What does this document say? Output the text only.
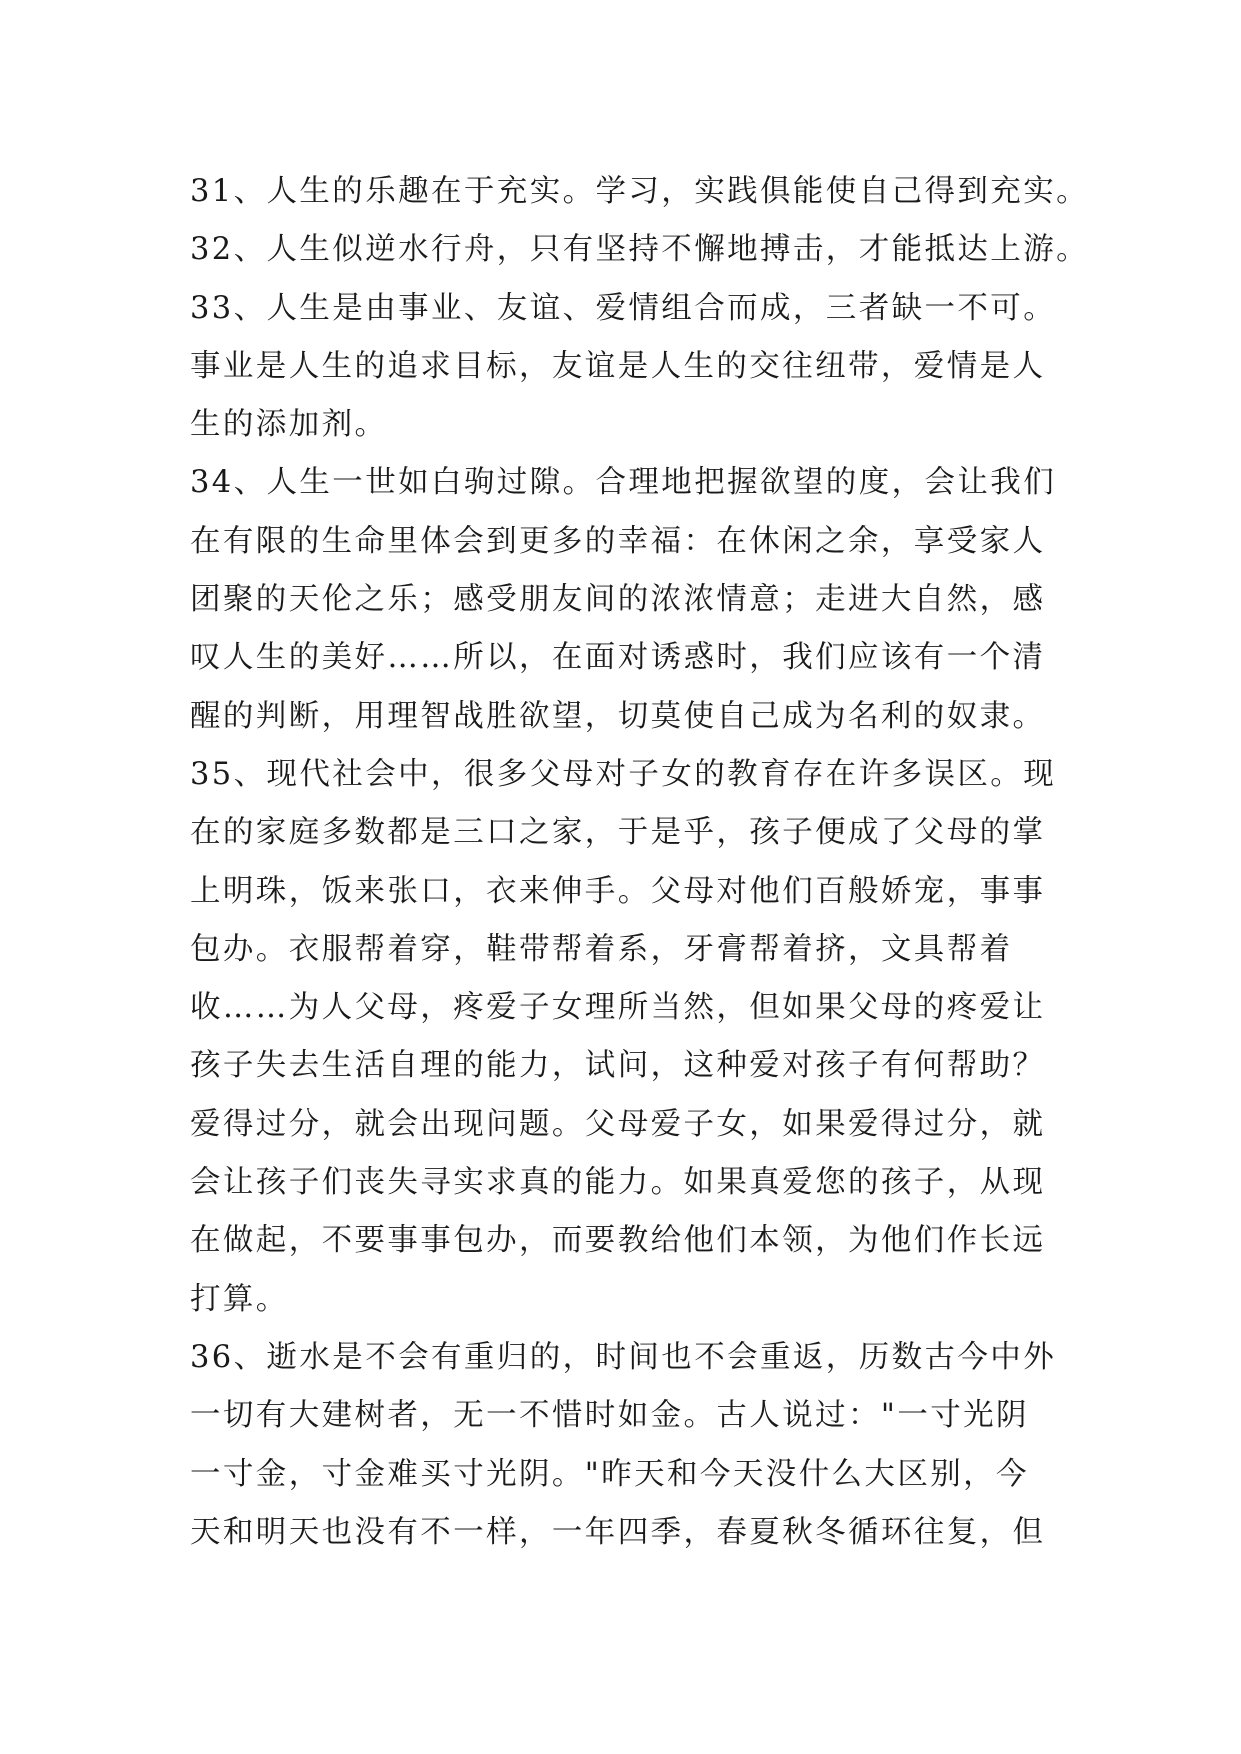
31、人生的乐趣在于充实。学习，实践俱能使自己得到充实。
32、人生似逆水行舟，只有坚持不懈地搏击，才能抵达上游。
33、人生是由事业、友谊、爱情组合而成，三者缺一不可。
事业是人生的追求目标，友谊是人生的交往纽带，爱情是人
生的添加剂。
34、人生一世如白驹过隙。合理地把握欲望的度，会让我们
在有限的生命里体会到更多的幸福：在休闲之余，享受家人
团聚的天伦之乐；感受朋友间的浓浓情意；走进大自然，感
叹人生的美好……所以，在面对诱惑时，我们应该有一个清
醒的判断，用理智战胜欲望，切莫使自己成为名利的奴隶。
35、现代社会中，很多父母对子女的教育存在许多误区。现
在的家庭多数都是三口之家，于是乎，孩子便成了父母的掌
上明珠，饭来张口，衣来伸手。父母对他们百般娇宠，事事
包办。衣服帮着穿，鞋带帮着系，牙膏帮着挤，文具帮着
收……为人父母，疼爱子女理所当然，但如果父母的疼爱让
孩子失去生活自理的能力，试问，这种爱对孩子有何帮助？
爱得过分，就会出现问题。父母爱子女，如果爱得过分，就
会让孩子们丧失寻实求真的能力。如果真爱您的孩子，从现
在做起，不要事事包办，而要教给他们本领，为他们作长远
打算。
36、逝水是不会有重归的，时间也不会重返，历数古今中外
一切有大建树者，无一不惜时如金。古人说过："一寸光阴
一寸金，寸金难买寸光阴。"昨天和今天没什么大区别，今
天和明天也没有不一样，一年四季，春夏秋冬循环往复，但
